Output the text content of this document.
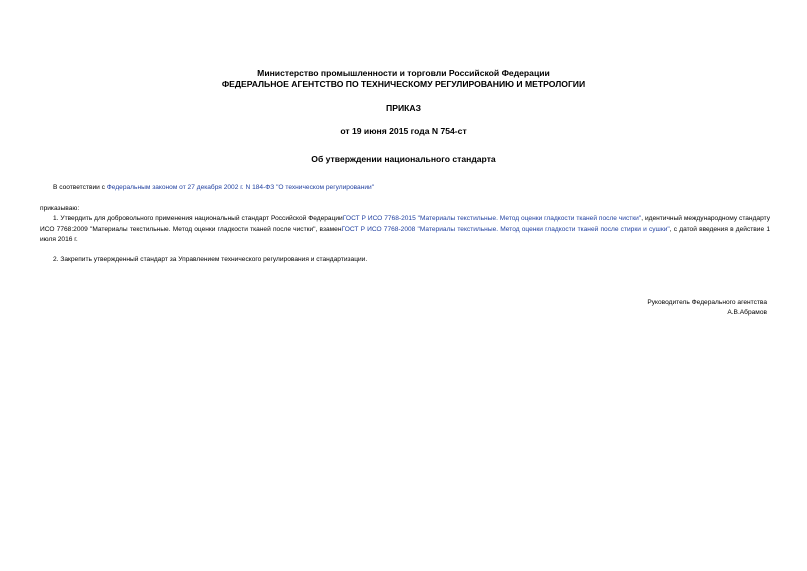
Министерство промышленности и торговли Российской Федерации
ФЕДЕРАЛЬНОЕ АГЕНТСТВО ПО ТЕХНИЧЕСКОМУ РЕГУЛИРОВАНИЮ И МЕТРОЛОГИИ
ПРИКАЗ
от 19 июня 2015 года N 754-ст
Об утверждении национального стандарта
В соответствии с Федеральным законом от 27 декабря 2002 г. N 184-ФЗ "О техническом регулировании"
приказываю:
1. Утвердить для добровольного применения национальный стандарт Российской ФедерацииГОСТ Р ИСО 7768-2015 "Материалы текстильные. Метод оценки гладкости тканей после чистки", идентичный международному стандарту ИСО 7768:2009 "Материалы текстильные. Метод оценки гладкости тканей после чистки", взаменГОСТ Р ИСО 7768-2008 "Материалы текстильные. Метод оценки гладкости тканей после стирки и сушки", с датой введения в действие 1 июля 2016 г.
2. Закрепить утвержденный стандарт за Управлением технического регулирования и стандартизации.
Руководитель Федерального агентства
А.В.Абрамов
